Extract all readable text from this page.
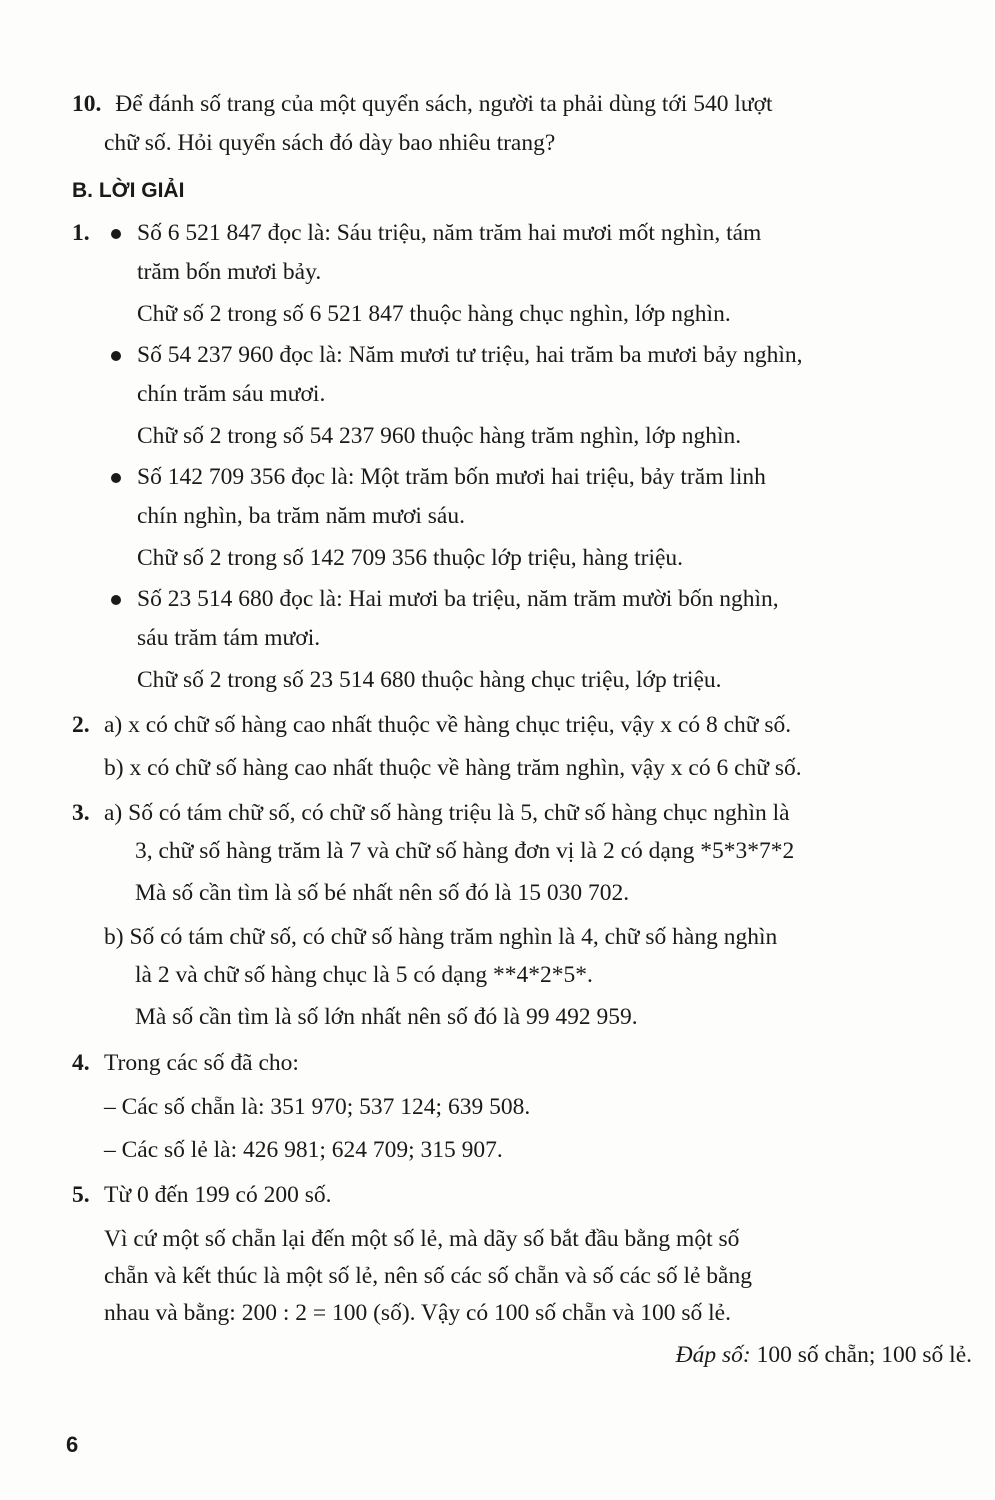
10. Để đánh số trang của một quyển sách, người ta phải dùng tới 540 lượt
chữ số. Hỏi quyển sách đó dày bao nhiêu trang?
B. LỜI GIẢI
1. Số 6 521 847 đọc là: Sáu triệu, năm trăm hai mươi mốt nghìn, tám
trăm bốn mươi bảy.
Chữ số 2 trong số 6 521 847 thuộc hàng chục nghìn, lớp nghìn.
Số 54 237 960 đọc là: Năm mươi tư triệu, hai trăm ba mươi bảy nghìn,
chín trăm sáu mươi.
Chữ số 2 trong số 54 237 960 thuộc hàng trăm nghìn, lớp nghìn.
Số 142 709 356 đọc là: Một trăm bốn mươi hai triệu, bảy trăm linh
chín nghìn, ba trăm năm mươi sáu.
Chữ số 2 trong số 142 709 356 thuộc lớp triệu, hàng triệu.
Số 23 514 680 đọc là: Hai mươi ba triệu, năm trăm mười bốn nghìn,
sáu trăm tám mươi.
Chữ số 2 trong số 23 514 680 thuộc hàng chục triệu, lớp triệu.
2. a) x có chữ số hàng cao nhất thuộc về hàng chục triệu, vậy x có 8 chữ số.
b) x có chữ số hàng cao nhất thuộc về hàng trăm nghìn, vậy x có 6 chữ số.
3. a) Số có tám chữ số, có chữ số hàng triệu là 5, chữ số hàng chục nghìn là
3, chữ số hàng trăm là 7 và chữ số hàng đơn vị là 2 có dạng *5*3*7*2
Mà số cần tìm là số bé nhất nên số đó là 15 030 702.
b) Số có tám chữ số, có chữ số hàng trăm nghìn là 4, chữ số hàng nghìn
là 2 và chữ số hàng chục là 5 có dạng **4*2*5*.
Mà số cần tìm là số lớn nhất nên số đó là 99 492 959.
4. Trong các số đã cho:
– Các số chẵn là: 351 970; 537 124; 639 508.
– Các số lẻ là: 426 981; 624 709; 315 907.
5. Từ 0 đến 199 có 200 số.
Vì cứ một số chẵn lại đến một số lẻ, mà dãy số bắt đầu bằng một số
chẵn và kết thúc là một số lẻ, nên số các số chẵn và số các số lẻ bằng
nhau và bằng: 200 : 2 = 100 (số). Vậy có 100 số chẵn và 100 số lẻ.
Đáp số: 100 số chẵn; 100 số lẻ.
6
